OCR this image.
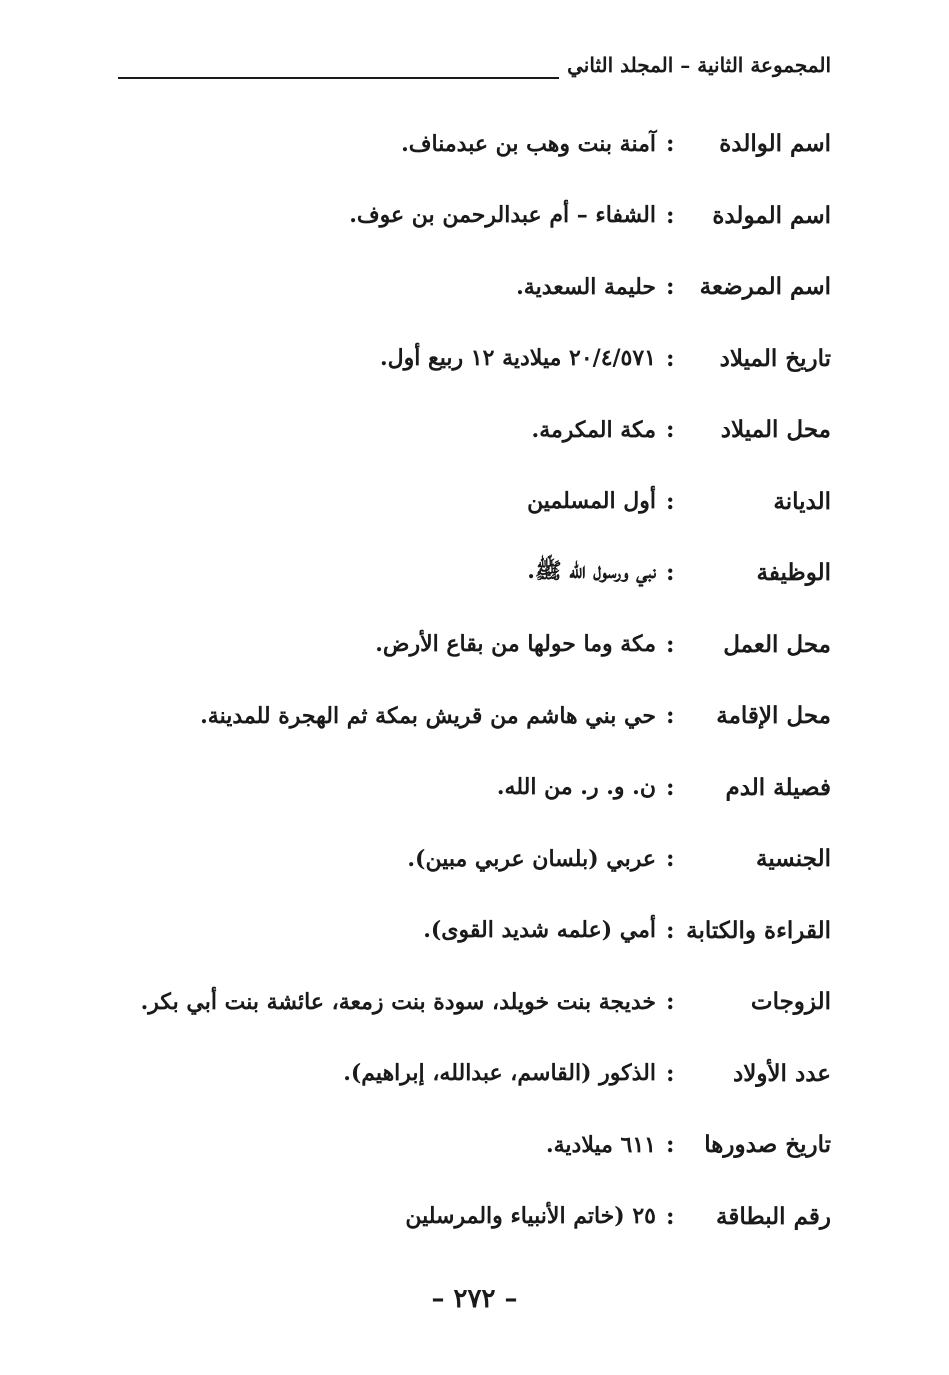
المجموعة الثانية – المجلد الثاني
اسم الوالدة
:
آمنة بنت وهب بن عبدمناف.
اسم المولدة
:
الشفاء – أم عبدالرحمن بن عوف.
اسم المرضعة
:
حليمة السعدية.
تاريخ الميلاد
:
٢٠/٤/٥٧١ ميلادية ١٢ ربيع أول.
محل الميلاد
:
مكة المكرمة.
الديانة
:
أول المسلمين
الوظيفة
:
نبي ورسول الله ﷺ.
محل العمل
:
مكة وما حولها من بقاع الأرض.
محل الإقامة
:
حي بني هاشم من قريش بمكة ثم الهجرة للمدينة.
فصيلة الدم
:
ن. و. ر. من الله.
الجنسية
:
عربي (بلسان عربي مبين).
القراءة والكتابة
:
أمي (علمه شديد القوى).
الزوجات
:
خديجة بنت خويلد، سودة بنت زمعة، عائشة بنت أبي بكر.
عدد الأولاد
:
الذكور (القاسم، عبدالله، إبراهيم).
تاريخ صدورها
:
٦١١ ميلادية.
رقم البطاقة
:
٢٥ (خاتم الأنبياء والمرسلين
– ٢٧٢ –
